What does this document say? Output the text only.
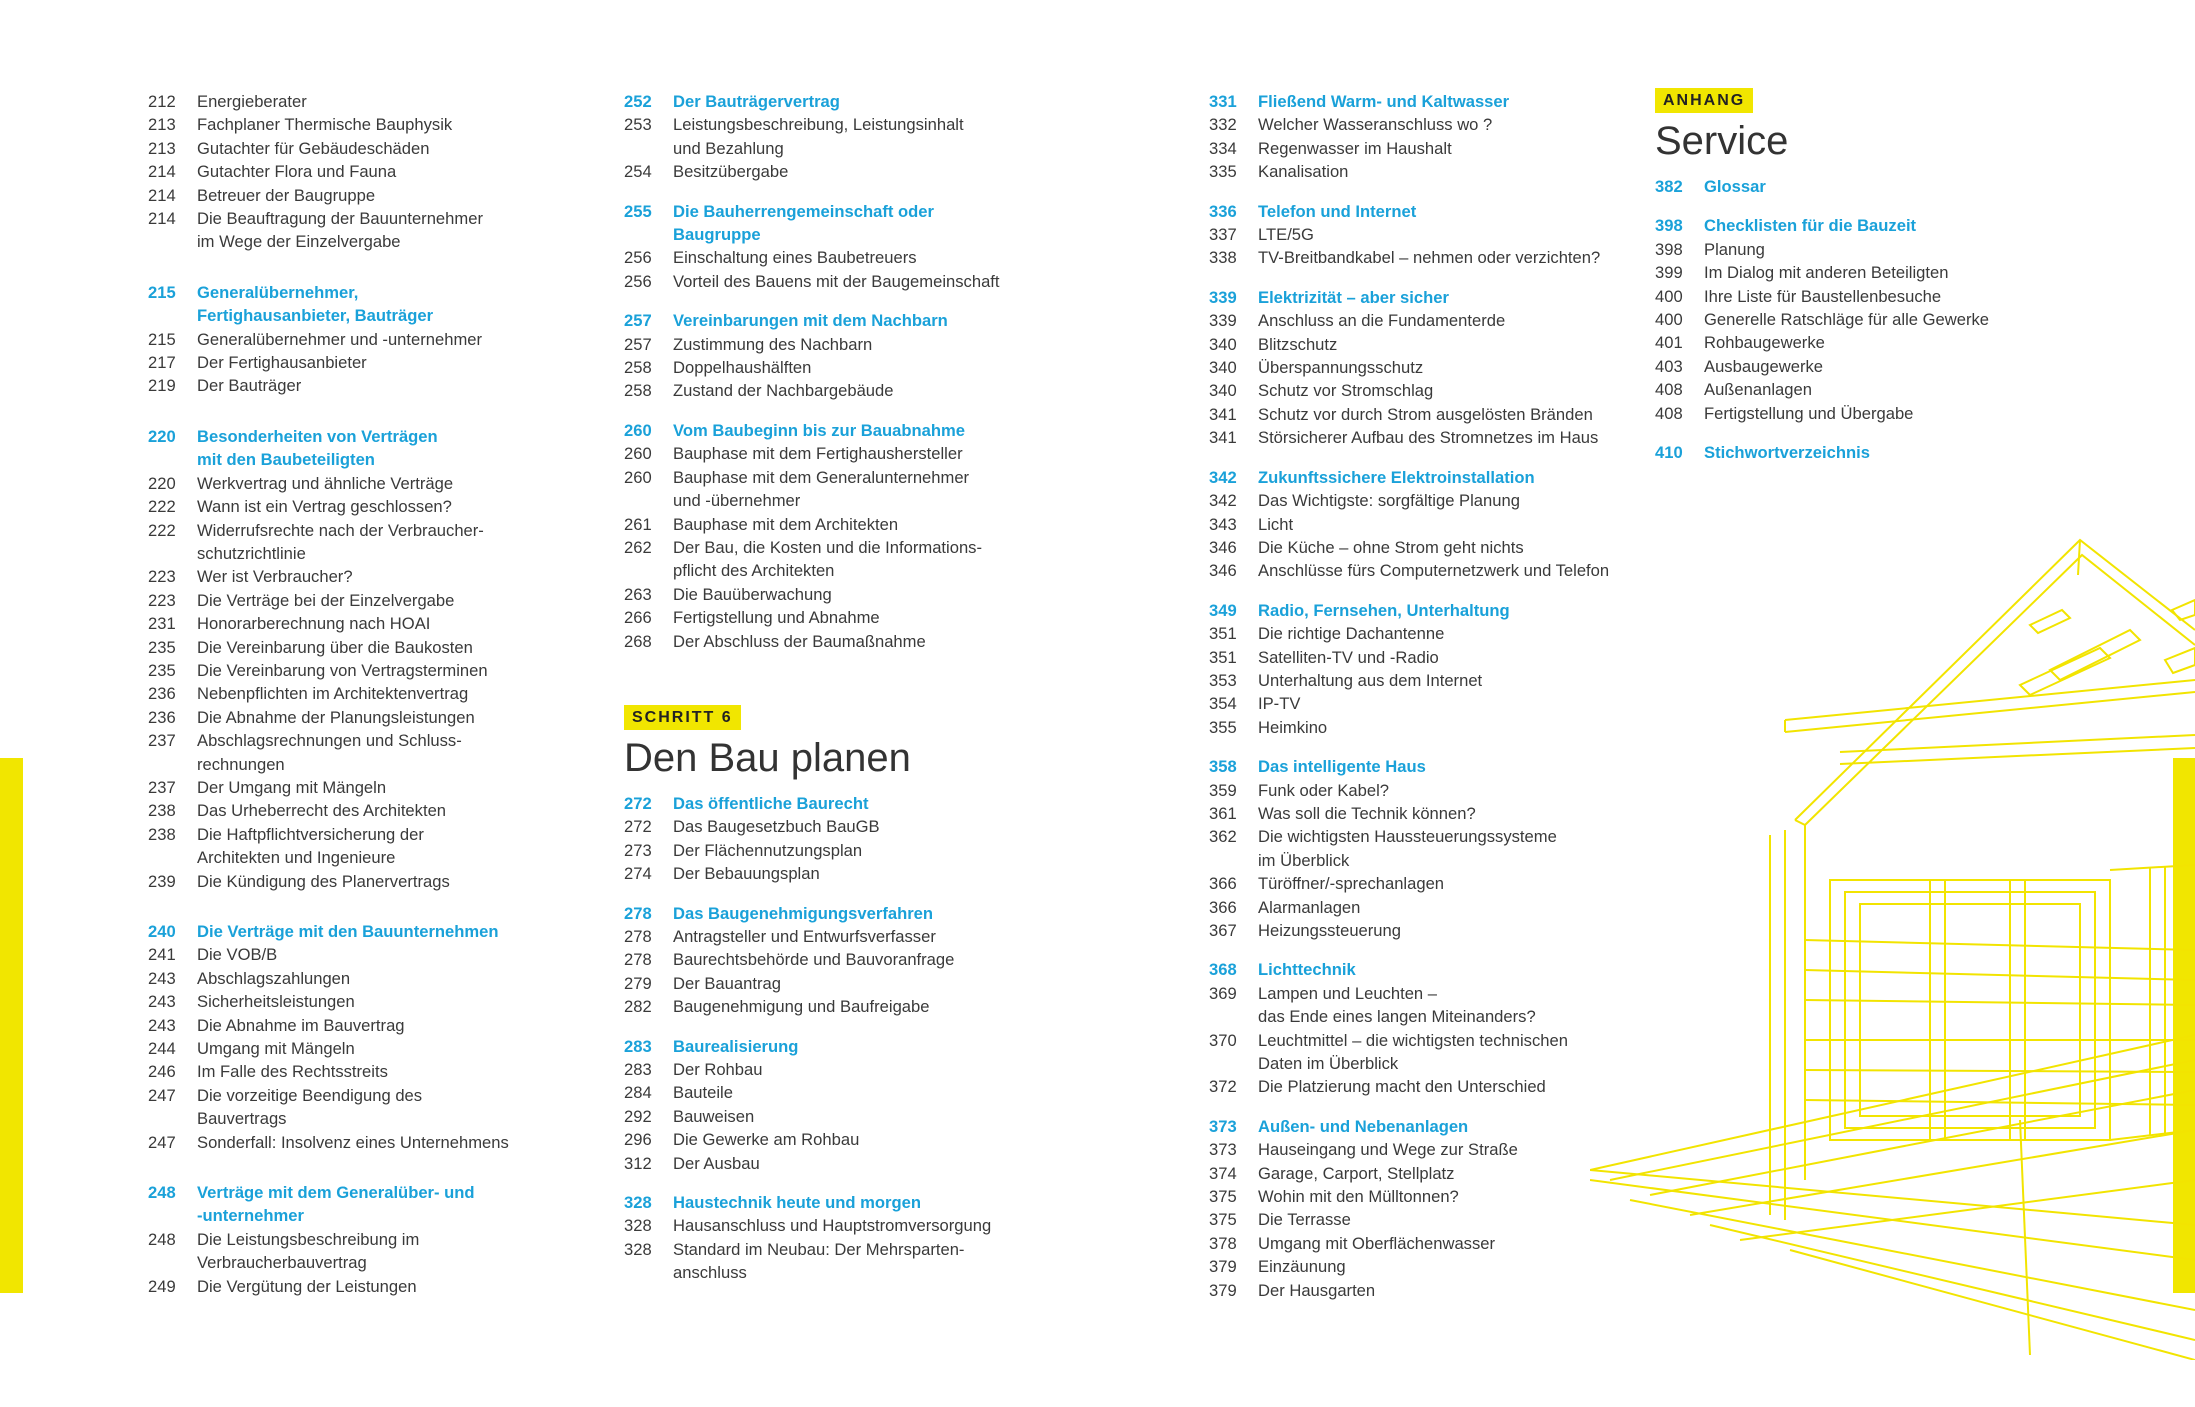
212	Energieberater
213	Fachplaner Thermische Bauphysik
213	Gutachter für Gebäudeschäden
214	Gutachter Flora und Fauna
214	Betreuer der Baugruppe
214	Die Beauftragung der Bauunternehmer
im Wege der Einzelvergabe
215	Generalübernehmer,
Fertighausanbieter, Bauträger
215	Generalübernehmer und -unternehmer
217	Der Fertighausanbieter
219	Der Bauträger
220	Besonderheiten von Verträgen
mit den Baubeteiligten
220	Werkvertrag und ähnliche Verträge
222	Wann ist ein Vertrag geschlossen?
222	Widerrufsrechte nach der Verbraucher-
schutzrichtlinie
223	Wer ist Verbraucher?
223	Die Verträge bei der Einzelvergabe
231	Honorarberechnung nach HOAI
235	Die Vereinbarung über die Baukosten
235	Die Vereinbarung von Vertragsterminen
236	Nebenpflichten im Architektenvertrag
236	Die Abnahme der Planungsleistungen
237	Abschlagsrechnungen und Schluss-
rechnungen
237	Der Umgang mit Mängeln
238	Das Urheberrecht des Architekten
238	Die Haftpflichtversicherung der
Architekten und Ingenieure
239	Die Kündigung des Planervertrags
240	Die Verträge mit den Bauunternehmen
241	Die VOB/B
243	Abschlagszahlungen
243	Sicherheitsleistungen
243	Die Abnahme im Bauvertrag
244	Umgang mit Mängeln
246	Im Falle des Rechtsstreits
247	Die vorzeitige Beendigung des
Bauvertrags
247	Sonderfall: Insolvenz eines Unternehmens
248	Verträge mit dem Generalüber- und
-unternehmer
248	Die Leistungsbeschreibung im
Verbraucherbauvertrag
249	Die Vergütung der Leistungen
252	Der Bauträgervertrag
253	Leistungsbeschreibung, Leistungsinhalt
und Bezahlung
254	Besitzübergabe
255	Die Bauherrengemeinschaft oder
Baugruppe
256	Einschaltung eines Baubetreuers
256	Vorteil des Bauens mit der Baugemeinschaft
257	Vereinbarungen mit dem Nachbarn
257	Zustimmung des Nachbarn
258	Doppelhaushälften
258	Zustand der Nachbargebäude
260	Vom Baubeginn bis zur Bauabnahme
260	Bauphase mit dem Fertighaushersteller
260	Bauphase mit dem Generalunternehmer
und -übernehmer
261	Bauphase mit dem Architekten
262	Der Bau, die Kosten und die Informations-
pflicht des Architekten
263	Die Bauüberwachung
266	Fertigstellung und Abnahme
268	Der Abschluss der Baumaßnahme
SCHRITT 6
Den Bau planen
272	Das öffentliche Baurecht
272	Das Baugesetzbuch BauGB
273	Der Flächennutzungsplan
274	Der Bebauungsplan
278	Das Baugenehmigungsverfahren
278	Antragsteller und Entwurfsverfasser
278	Baurechtsbehörde und Bauvoranfrage
279	Der Bauantrag
282	Baugenehmigung und Baufreigabe
283	Baurealisierung
283	Der Rohbau
284	Bauteile
292	Bauweisen
296	Die Gewerke am Rohbau
312	Der Ausbau
328	Haustechnik heute und morgen
328	Hausanschluss und Hauptstromversorgung
328	Standard im Neubau: Der Mehrsparten-
anschluss
331	Fließend Warm- und Kaltwasser
332	Welcher Wasseranschluss wo ?
334	Regenwasser im Haushalt
335	Kanalisation
336	Telefon und Internet
337	LTE/5G
338	TV-Breitbandkabel – nehmen oder verzichten?
339	Elektrizität – aber sicher
339	Anschluss an die Fundamenterde
340	Blitzschutz
340	Überspannungsschutz
340	Schutz vor Stromschlag
341	Schutz vor durch Strom ausgelösten Bränden
341	Störsicherer Aufbau des Stromnetzes im Haus
342	Zukunftssichere Elektroinstallation
342	Das Wichtigste: sorgfältige Planung
343	Licht
346	Die Küche – ohne Strom geht nichts
346	Anschlüsse fürs Computernetzwerk und Telefon
349	Radio, Fernsehen, Unterhaltung
351	Die richtige Dachantenne
351	Satelliten-TV und -Radio
353	Unterhaltung aus dem Internet
354	IP-TV
355	Heimkino
358	Das intelligente Haus
359	Funk oder Kabel?
361	Was soll die Technik können?
362	Die wichtigsten Haussteuerungssysteme
im Überblick
366	Türöffner/-sprechanlagen
366	Alarmanlagen
367	Heizungssteuerung
368	Lichttechnik
369	Lampen und Leuchten –
das Ende eines langen Miteinanders?
370	Leuchtmittel – die wichtigsten technischen
Daten im Überblick
372	Die Platzierung macht den Unterschied
373	Außen- und Nebenanlagen
373	Hauseingang und Wege zur Straße
374	Garage, Carport, Stellplatz
375	Wohin mit den Mülltonnen?
375	Die Terrasse
378	Umgang mit Oberflächenwasser
379	Einzäunung
379	Der Hausgarten
ANHANG
Service
382	Glossar
398	Checklisten für die Bauzeit
398	Planung
399	Im Dialog mit anderen Beteiligten
400	Ihre Liste für Baustellenbesuche
400	Generelle Ratschläge für alle Gewerke
401	Rohbaugewerke
403	Ausbaugewerke
408	Außenanlagen
408	Fertigstellung und Übergabe
410	Stichwortverzeichnis
